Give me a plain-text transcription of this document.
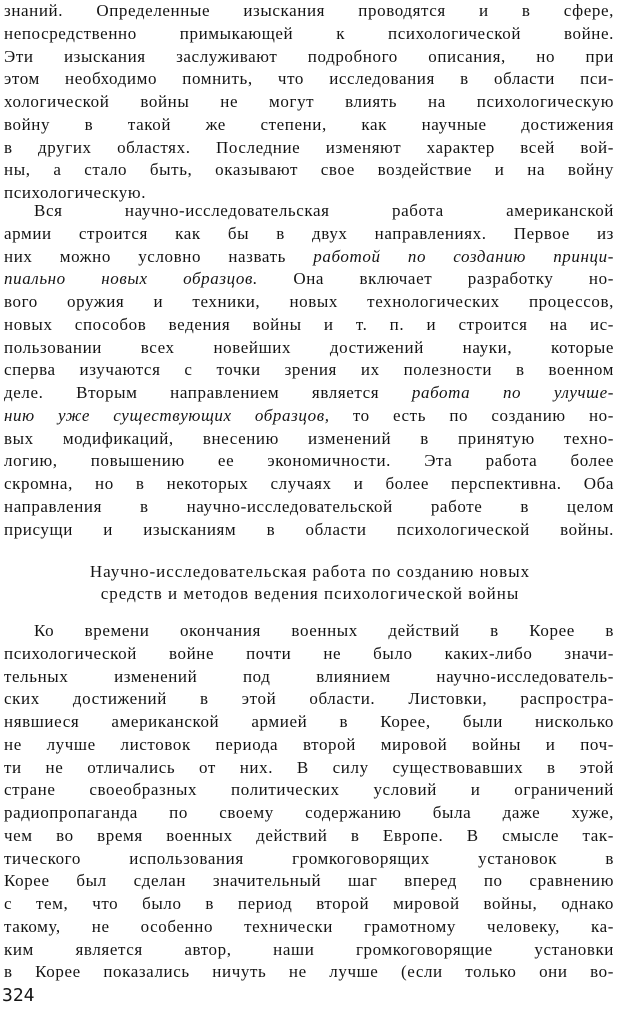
знаний. Определенные изыскания проводятся и в сфере,
непосредственно примыкающей к психологической войне.
Эти изыскания заслуживают подробного описания, но при
этом необходимо помнить, что исследования в области пси-
хологической войны не могут влиять на психологическую
войну в такой же степени, как научные достижения
в других областях. Последние изменяют характер всей вой-
ны, а стало быть, оказывают свое воздействие и на войну
психологическую.
Вся научно-исследовательская работа американской
армии строится как бы в двух направлениях. Первое из
них можно условно назвать работой по созданию принци-
пиально новых образцов. Она включает разработку но-
вого оружия и техники, новых технологических процессов,
новых способов ведения войны и т. п. и строится на ис-
пользовании всех новейших достижений науки, которые
сперва изучаются с точки зрения их полезности в военном
деле. Вторым направлением является работа по улучше-
нию уже существующих образцов, то есть по созданию но-
вых модификаций, внесению изменений в принятую техно-
логию, повышению ее экономичности. Эта работа более
скромна, но в некоторых случаях и более перспективна. Оба
направления в научно-исследовательской работе в целом
присущи и изысканиям в области психологической войны.
Научно-исследовательская работа по созданию новых
средств и методов ведения психологической войны
Ко времени окончания военных действий в Корее в
психологической войне почти не было каких-либо значи-
тельных изменений под влиянием научно-исследователь-
ских достижений в этой области. Листовки, распростра-
нявшиеся американской армией в Корее, были нисколько
не лучше листовок периода второй мировой войны и поч-
ти не отличались от них. В силу существовавших в этой
стране своеобразных политических условий и ограничений
радиопропаганда по своему содержанию была даже хуже,
чем во время военных действий в Европе. В смысле так-
тического использования громкоговорящих установок в
Корее был сделан значительный шаг вперед по сравнению
с тем, что было в период второй мировой войны, однако
такому, не особенно технически грамотному человеку, ка-
ким является автор, наши громкоговорящие установки
в Корее показались ничуть не лучше (если только они во-
324
